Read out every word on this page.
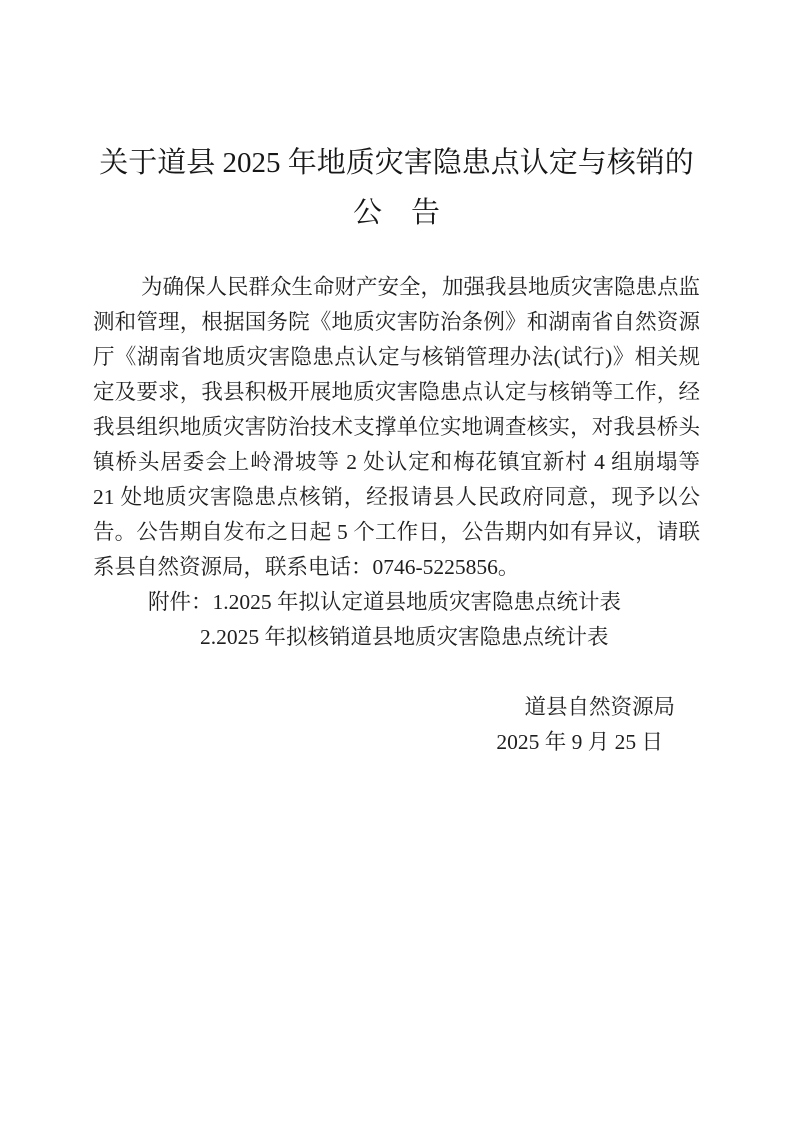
关于道县 2025 年地质灾害隐患点认定与核销的
公　告
为确保人民群众生命财产安全，加强我县地质灾害隐患点监
测和管理，根据国务院《地质灾害防治条例》和湖南省自然资源
厅《湖南省地质灾害隐患点认定与核销管理办法(试行)》相关规
定及要求，我县积极开展地质灾害隐患点认定与核销等工作，经
我县组织地质灾害防治技术支撑单位实地调查核实，对我县桥头
镇桥头居委会上岭滑坡等 2 处认定和梅花镇宜新村 4 组崩塌等
21 处地质灾害隐患点核销，经报请县人民政府同意，现予以公
告。公告期自发布之日起 5 个工作日，公告期内如有异议，请联
系县自然资源局，联系电话：0746-5225856。
附件：1.2025 年拟认定道县地质灾害隐患点统计表
2.2025 年拟核销道县地质灾害隐患点统计表
道县自然资源局
2025 年 9 月 25 日
